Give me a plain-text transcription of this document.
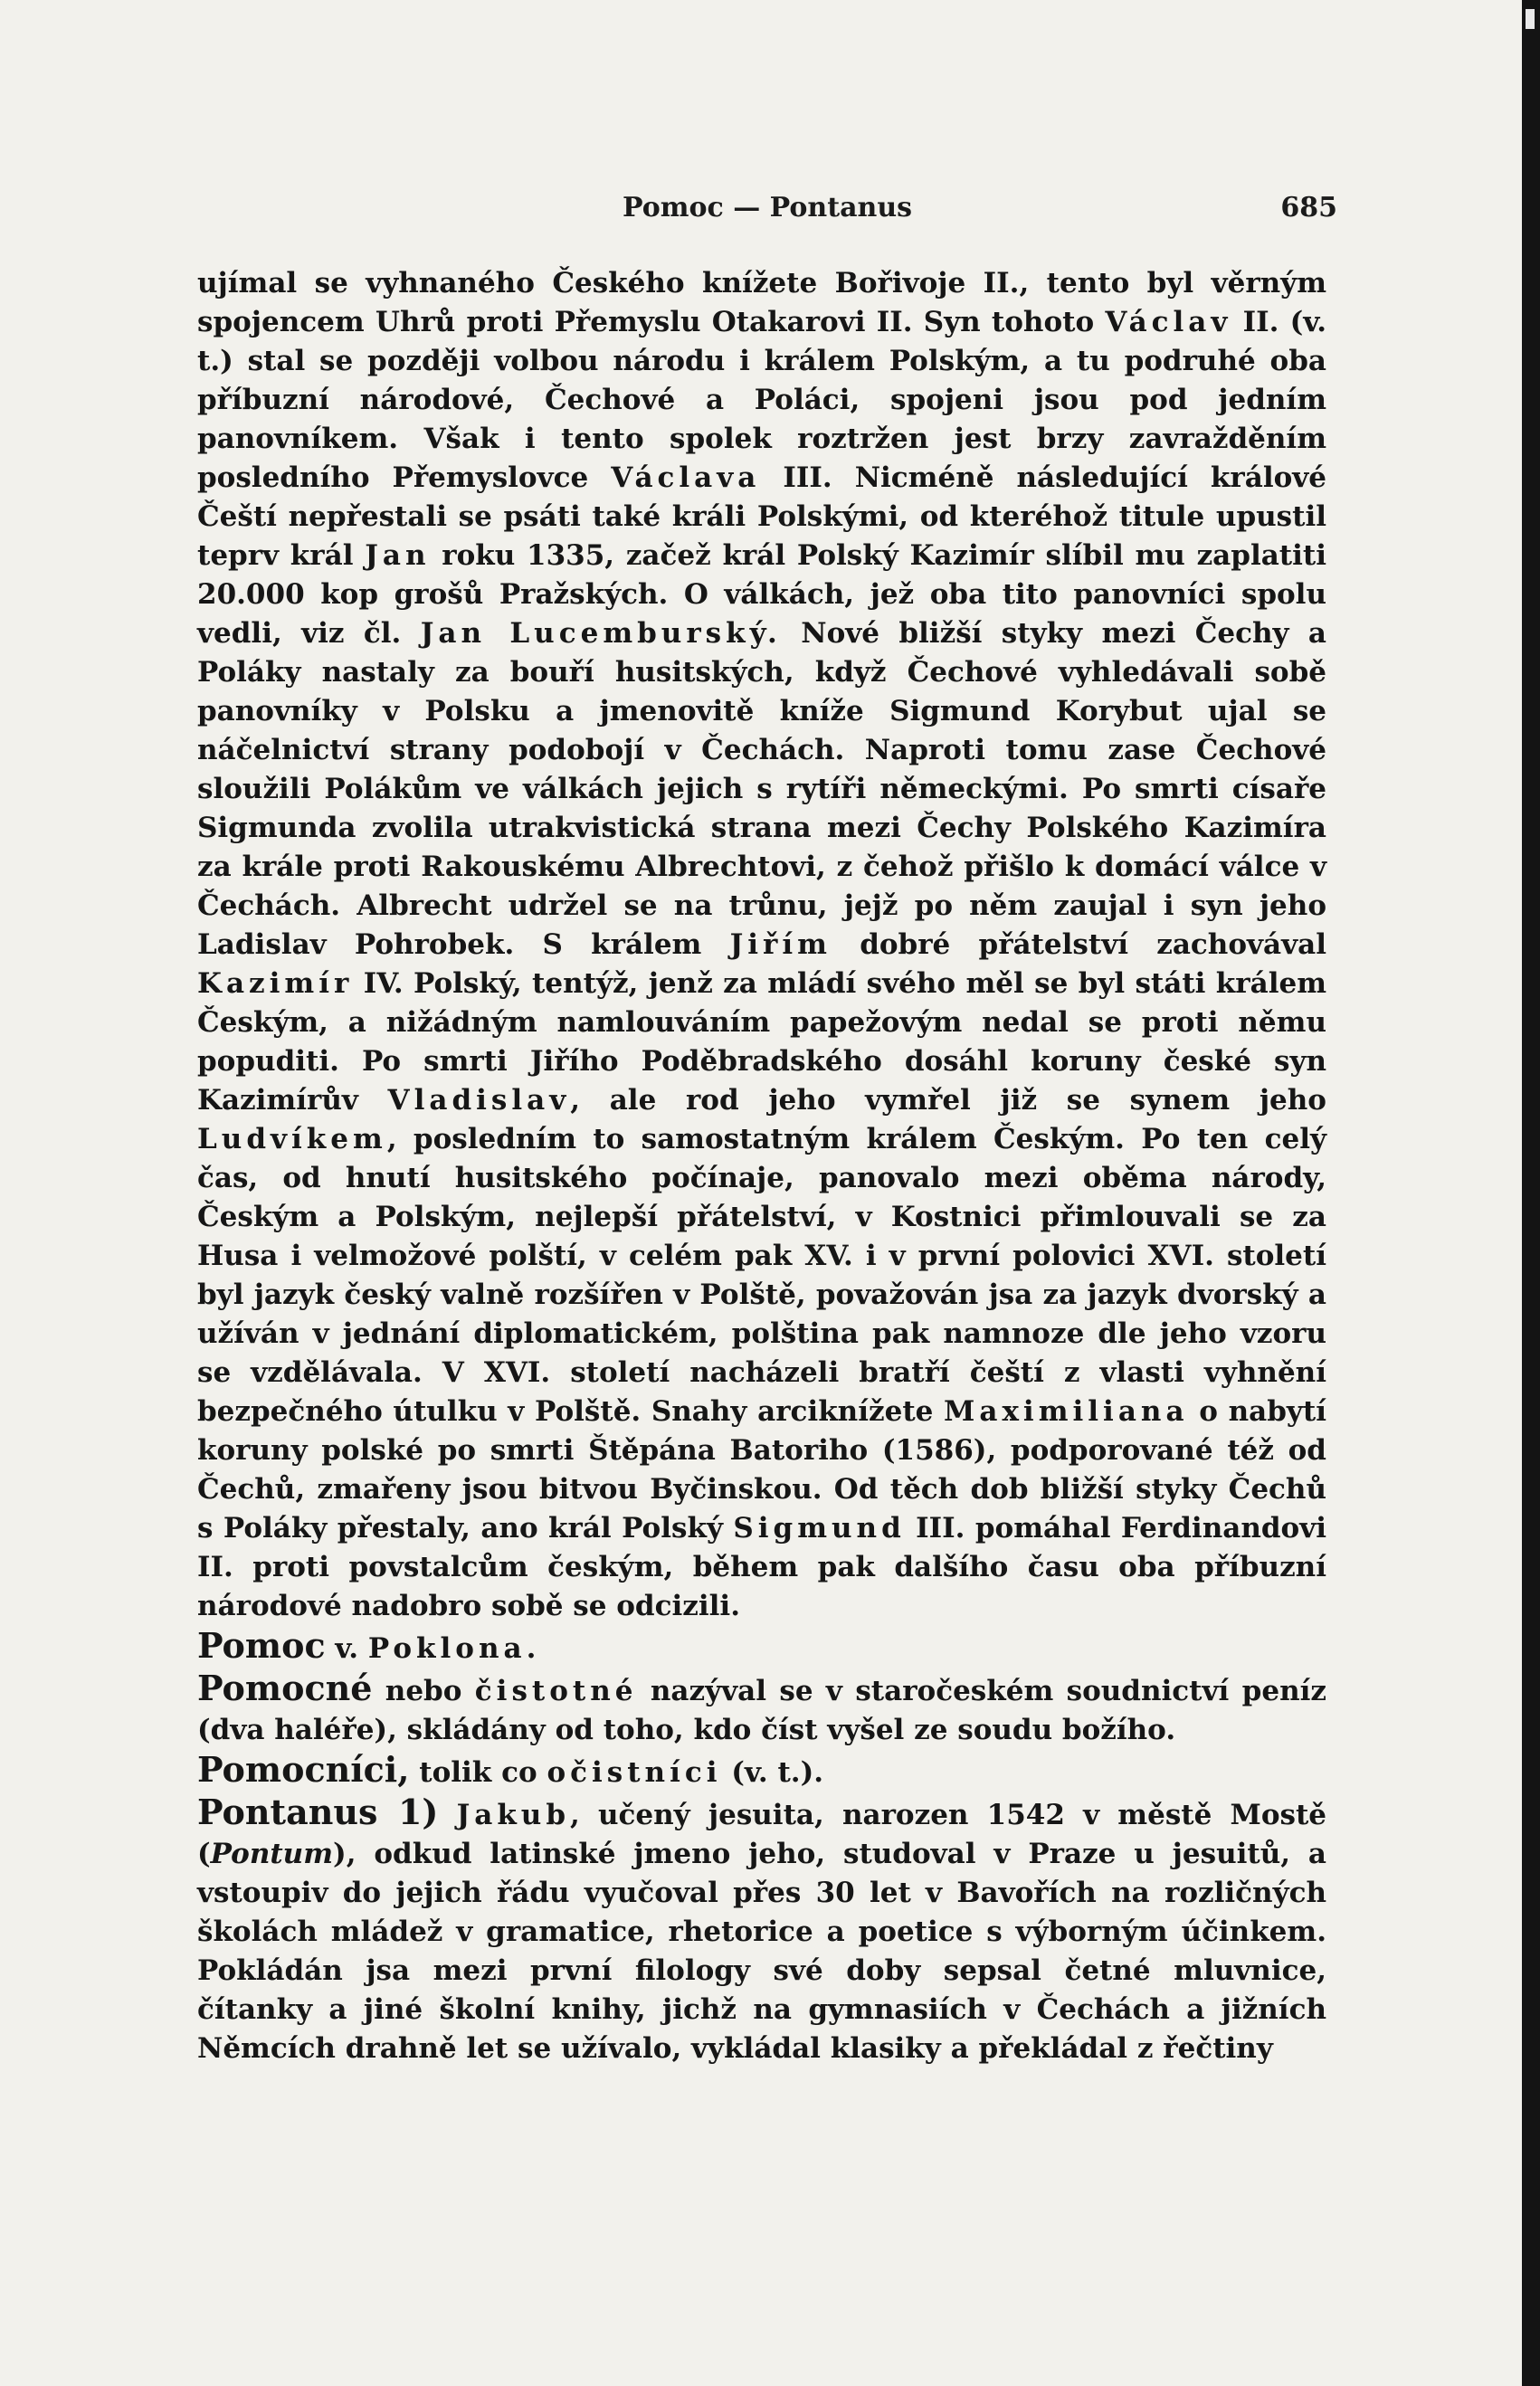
Pomoc — Pontanus	685

ujímal se vyhnaného Českého knížete Bořivoje II., tento byl věrným spojencem Uhrů proti Přemyslu Otakarovi II. Syn tohoto Václav II. (v. t.) stal se později volbou národu i králem Polským, a tu podruhé oba příbuzní národové, Čechové a Poláci, spojeni jsou pod jedním panovníkem. Však i tento spolek roztržen jest brzy zavražděním posledního Přemyslovce Václava III. Nicméně následující králové Čeští nepřestali se psáti také králi Polskými, od kteréhož titule upustil teprv král Jan roku 1335, začež král Polský Kazimír slíbil mu zaplatiti 20.000 kop grošů Pražských. O válkách, jež oba tito panovníci spolu vedli, viz čl. Jan Lucemburský. Nové bližší styky mezi Čechy a Poláky nastaly za bouří husitských, když Čechové vyhledávali sobě panovníky v Polsku a jmenovitě kníže Sigmund Korybut ujal se náčelnictví strany podobojí v Čechách. Naproti tomu zase Čechové sloužili Polákům ve válkách jejich s rytíři německými. Po smrti císaře Sigmunda zvolila utrakvistická strana mezi Čechy Polského Kazimíra za krále proti Rakouskému Albrechtovi, z čehož přišlo k domácí válce v Čechách. Albrecht udržel se na trůnu, jejž po něm zaujal i syn jeho Ladislav Pohrobek. S králem Jiřím dobré přátelství zachovával Kazimír IV. Polský, tentýž, jenž za mládí svého měl se byl státi králem Českým, a nižádným namlouváním papežovým nedal se proti němu popuditi. Po smrti Jiřího Poděbradského dosáhl koruny české syn Kazimírův Vladislav, ale rod jeho vymřel již se synem jeho Ludvíkem, posledním to samostatným králem Českým. Po ten celý čas, od hnutí husitského počínaje, panovalo mezi oběma národy, Českým a Polským, nejlepší přátelství, v Kostnici přimlouvali se za Husa i velmožové polští, v celém pak XV. i v první polovici XVI. století byl jazyk český valně rozšířen v Polště, považován jsa za jazyk dvorský a užíván v jednání diplomatickém, polština pak namnoze dle jeho vzoru se vzdělávala. V XVI. století nacházeli bratří čeští z vlasti vyhnění bezpečného útulku v Polště. Snahy arciknížete Maximiliana o nabytí koruny polské po smrti Štěpána Batoriho (1586), podporované též od Čechů, zmařeny jsou bitvou Byčinskou. Od těch dob bližší styky Čechů s Poláky přestaly, ano král Polský Sigmund III. pomáhal Ferdinandovi II. proti povstalcům českým, během pak dalšího času oba příbuzní národové nadobro sobě se odcizili.

Pomoc v. Poklona.

Pomocné nebo čistotné nazýval se v staročeském soudnictví peníz (dva haléře), skládány od toho, kdo číst vyšel ze soudu božího.

Pomocníci, tolik co očistníci (v. t.).

Pontanus 1) Jakub, učený jesuita, narozen 1542 v městě Mostě (Pontum), odkud latinské jmeno jeho, studoval v Praze u jesuitů, a vstoupiv do jejich řádu vyučoval přes 30 let v Bavořích na rozličných školách mládež v gramatice, rhetorice a poetice s výborným účinkem. Pokládán jsa mezi první filology své doby sepsal četné mluvnice, čítanky a jiné školní knihy, jichž na gymnasiích v Čechách a jižních Němcích drahně let se užívalo, vykládal klasiky a překládal z řečtiny
